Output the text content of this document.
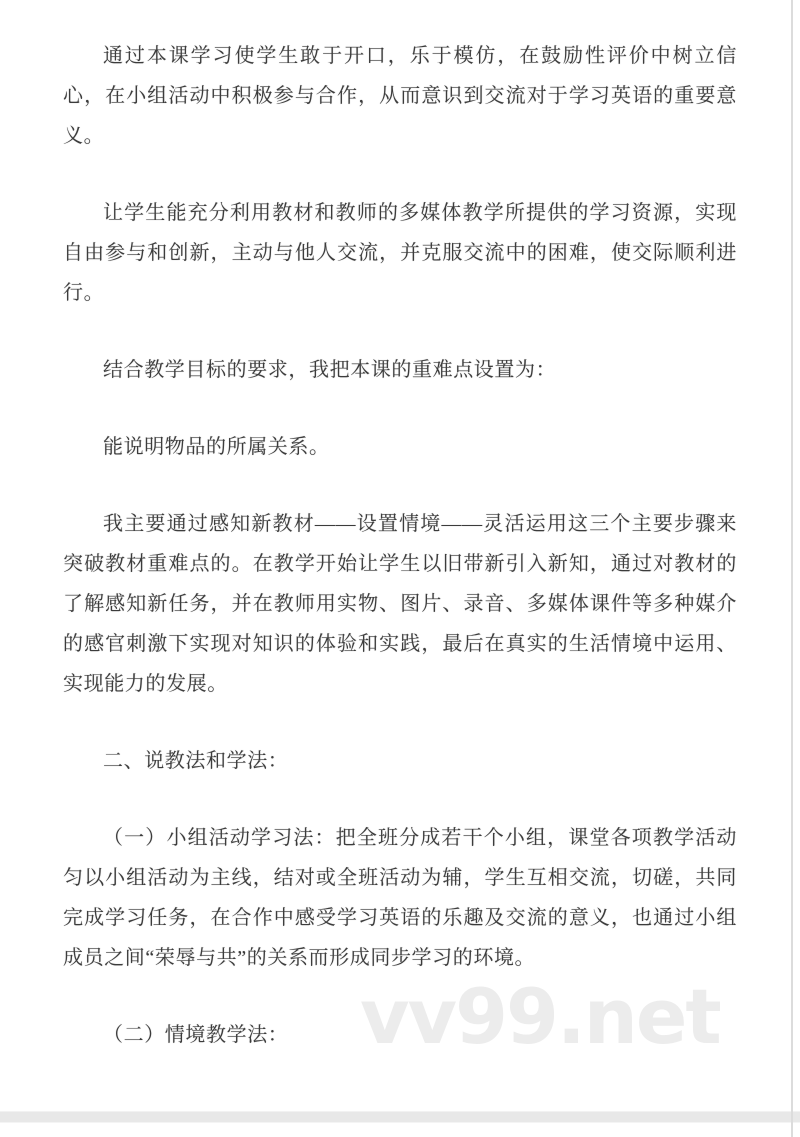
通过本课学习使学生敢于开口，乐于模仿，在鼓励性评价中树立信心，在小组活动中积极参与合作，从而意识到交流对于学习英语的重要意义。

让学生能充分利用教材和教师的多媒体教学所提供的学习资源，实现自由参与和创新，主动与他人交流，并克服交流中的困难，使交际顺利进行。

结合教学目标的要求，我把本课的重难点设置为：

能说明物品的所属关系。

我主要通过感知新教材——设置情境——灵活运用这三个主要步骤来突破教材重难点的。在教学开始让学生以旧带新引入新知，通过对教材的了解感知新任务，并在教师用实物、图片、录音、多媒体课件等多种媒介的感官刺激下实现对知识的体验和实践，最后在真实的生活情境中运用、实现能力的发展。

二、说教法和学法：

（一）小组活动学习法：把全班分成若干个小组，课堂各项教学活动匀以小组活动为主线，结对或全班活动为辅，学生互相交流，切磋，共同完成学习任务，在合作中感受学习英语的乐趣及交流的意义，也通过小组成员之间“荣辱与共”的关系而形成同步学习的环境。

（二）情境教学法： vv99.net
